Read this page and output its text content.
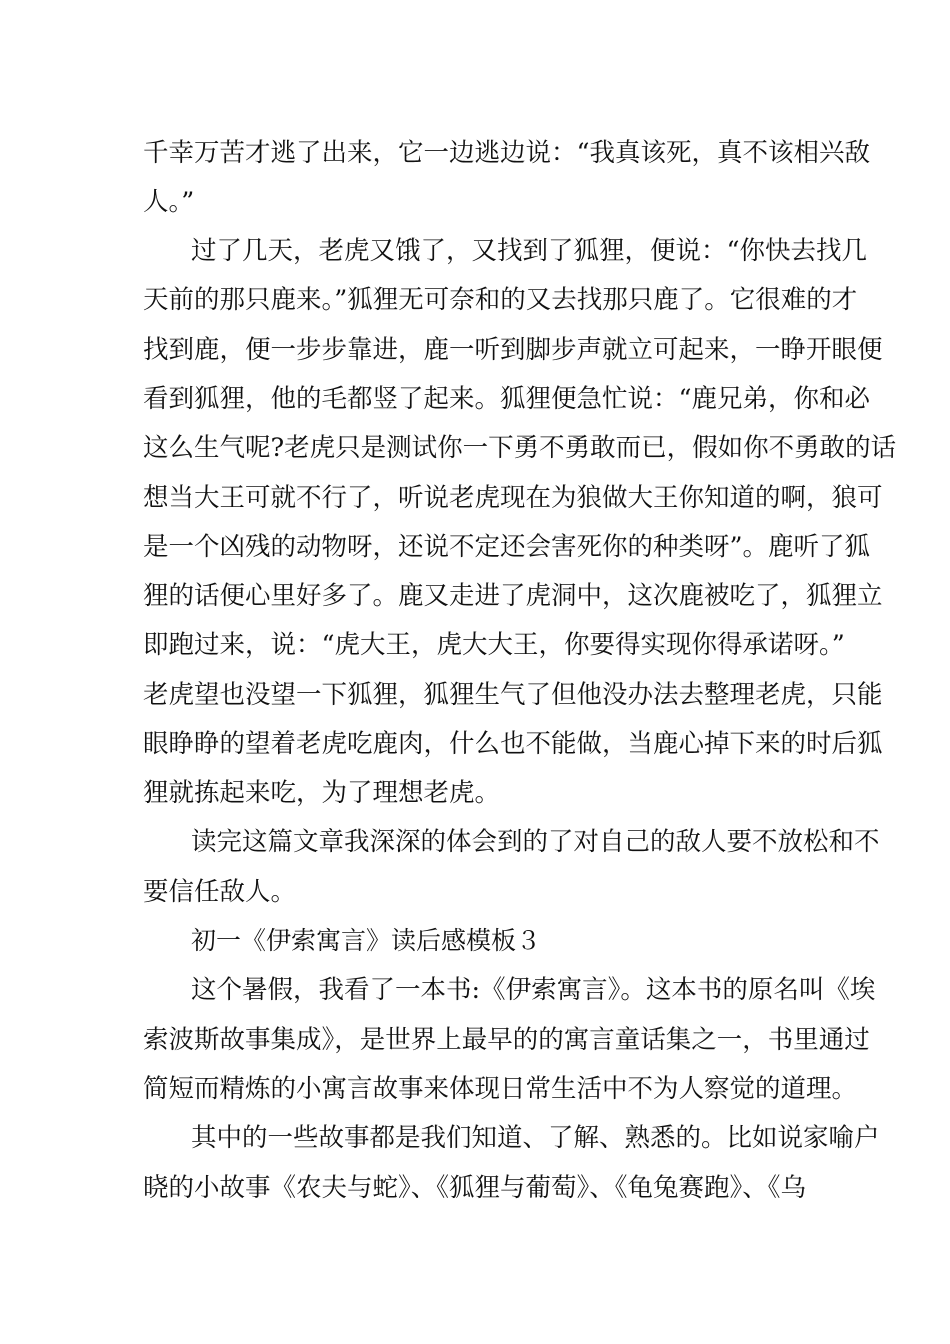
千幸万苦才逃了出来，它一边逃边说：“我真该死，真不该相兴敌
人。”
过了几天，老虎又饿了，又找到了狐狸，便说：“你快去找几
天前的那只鹿来。”狐狸无可奈和的又去找那只鹿了。它很难的才
找到鹿，便一步步靠进，鹿一听到脚步声就立可起来，一睁开眼便
看到狐狸，他的毛都竖了起来。狐狸便急忙说：“鹿兄弟，你和必
这么生气呢?老虎只是测试你一下勇不勇敢而已，假如你不勇敢的话
想当大王可就不行了，听说老虎现在为狼做大王你知道的啊，狼可
是一个凶残的动物呀，还说不定还会害死你的种类呀”。鹿听了狐
狸的话便心里好多了。鹿又走进了虎洞中，这次鹿被吃了，狐狸立
即跑过来，说：“虎大王，虎大大王，你要得实现你得承诺呀。”
老虎望也没望一下狐狸，狐狸生气了但他没办法去整理老虎，只能
眼睁睁的望着老虎吃鹿肉，什么也不能做，当鹿心掉下来的时后狐
狸就拣起来吃，为了理想老虎。
读完这篇文章我深深的体会到的了对自己的敌人要不放松和不
要信任敌人。
初一《伊索寓言》读后感模板３
这个暑假，我看了一本书:《伊索寓言》。这本书的原名叫《埃
索波斯故事集成》，是世界上最早的的寓言童话集之一，书里通过
简短而精炼的小寓言故事来体现日常生活中不为人察觉的道理。
其中的一些故事都是我们知道、了解、熟悉的。比如说家喻户
晓的小故事《农夫与蛇》、《狐狸与葡萄》、《龟兔赛跑》、《乌
